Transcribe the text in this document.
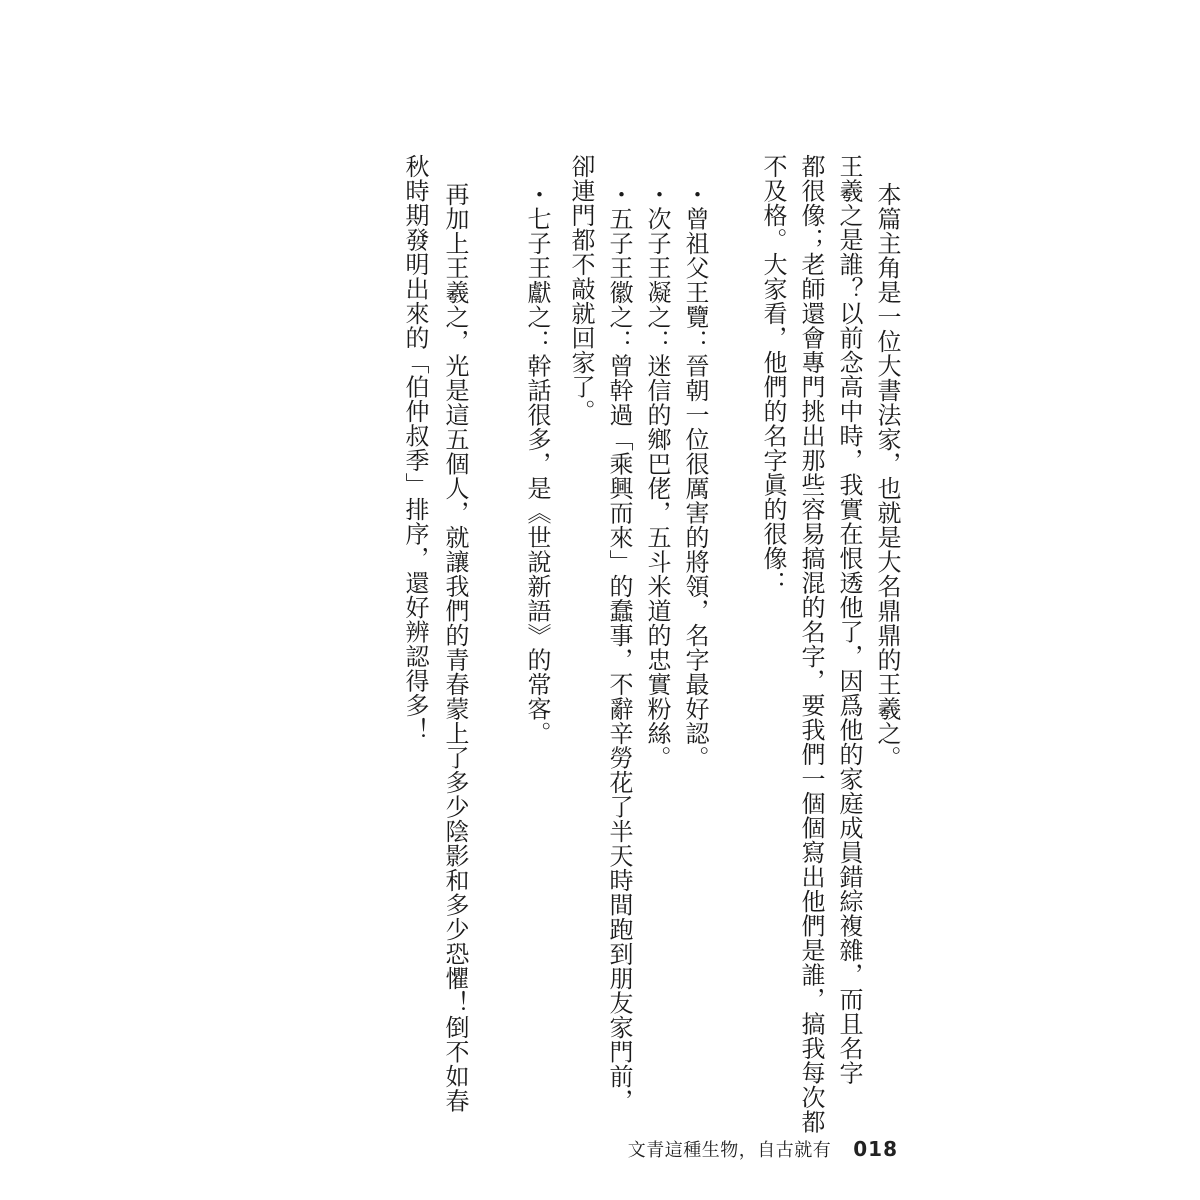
本篇主角是一位大書法家，也就是大名鼎鼎的王羲之。

王羲之是誰？以前念高中時，我實在恨透他了，因爲他的家庭成員錯綜複雜，而且名字

都很像；老師還會專門挑出那些容易搞混的名字，要我們一個個寫出他們是誰，搞我每次都

不及格。大家看，他們的名字眞的很像：

・曾祖父王覽：晉朝一位很厲害的將領，名字最好認。

・次子王凝之：迷信的鄉巴佬，五斗米道的忠實粉絲。

・五子王徽之：曾幹過「乘興而來」的蠢事，不辭辛勞花了半天時間跑到朋友家門前，

卻連門都不敲就回家了。

・七子王獻之：幹話很多，是《世說新語》的常客。

再加上王羲之，光是這五個人，就讓我們的青春蒙上了多少陰影和多少恐懼！倒不如春

秋時期發明出來的「伯仲叔季」排序，還好辨認得多！

文青這種生物，自古就有 018
